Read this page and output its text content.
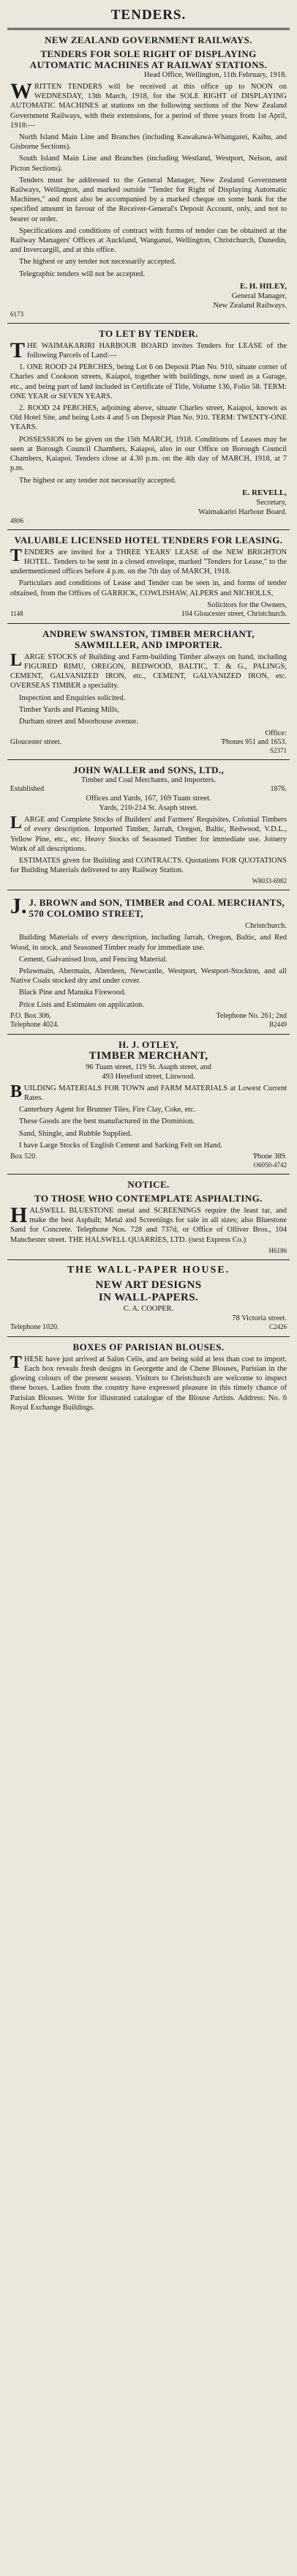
TENDERS.
NEW ZEALAND GOVERNMENT RAILWAYS.
TENDERS FOR SOLE RIGHT OF DISPLAYING AUTOMATIC MACHINES AT RAILWAY STATIONS.
Head Office, Wellington, 11th February, 1918.
WRITTEN TENDERS will be received at this office up to NOON on WEDNESDAY, 13th March, 1918, for the SOLE RIGHT of DISPLAYING AUTOMATIC MACHINES at stations on the following sections of the New Zealand Government Railways, with their extensions, for a period of three years from 1st April, 1918:—
North Island Main Line and Branches (including Kawakawa-Whangarei, Kaihu, and Gisborne Sections).
South Island Main Line and Branches (including Westland, Westport, Nelson, and Picton Sections).
Tenders must be addressed to the General Manager, New Zealand Government Railways, Wellington, and marked outside "Tender for Right of Displaying Automatic Machines," and must also be accompanied by a marked cheque on some bank for the specified amount in favour of the Receiver-General's Deposit Account, only, and not to bearer or order.
Specifications and conditions of contract with forms of tender can be obtained at the Railway Managers' Offices at Auckland, Wanganui, Wellington, Christchurch, Dunedin, and Invercargill, and at this office.
The highest or any tender not necessarily accepted.
Telegraphic tenders will not be accepted.
E. H. HILEY,
General Manager,
New Zealand Railways.
6173
TO LET BY TENDER.
THE WAIMAKARIRI HARBOUR BOARD invites Tenders for LEASE of the following Parcels of Land:—
1. ONE ROOD 24 PERCHES, being Lot 6 on Deposit Plan No. 910, situate corner of Charles and Cookson streets, Kaiapoi, together with buildings, now used as a Garage, etc., and being part of land included in Certificate of Title, Volume 136, Folio 58. TERM: ONE YEAR or SEVEN YEARS.
2. ROOD 24 PERCHES, adjoining above, situate Charles street, Kaiapoi, known as Old Hotel Site, and being Lots 4 and 5 on Deposit Plan No. 910. TERM: TWENTY-ONE YEARS.
POSSESSION to be given on the 15th MARCH, 1918. Conditions of Leases may be seen at Borough Council Chambers, Kaiapoi, also in our Office on Borough Council Chambers, Kaiapoi. Tenders close at 4.30 p.m. on the 4th day of MARCH, 1918, at 7 p.m.
The highest or any tender not necessarily accepted.
E. REVELL,
Secretary,
Waimakariri Harbour Board.
4806
VALUABLE LICENSED HOTEL TENDERS FOR LEASING.
TENDERS are invited for a THREE YEARS' LEASE of the NEW BRIGHTON HOTEL. Tenders to be sent in a closed envelope, marked "Tenders for Lease," to the undermentioned offices before 4 p.m. on the 7th day of MARCH, 1918.
Particulars and conditions of Lease and Tender can be seen in, and forms of tender obtained, from the Offices of GARRICK, COWLISHAW, ALPERS and NICHOLLS,
Solicitors for the Owners,
1148	104 Gloucester street, Christchurch.
ANDREW SWANSTON, TIMBER MERCHANT, SAWMILLER, AND IMPORTER.
LARGE STOCKS of Building and Farm-building Timber always on hand, including FIGURED RIMU, OREGON, REDWOOD, BALTIC, T. & G., PALINGS, CEMENT, GALVANIZED IRON, etc., CEMENT, GALVANIZED IRON, etc. OVERSEAS TIMBER a speciality.
Inspection and Enquiries solicited.
Timber Yards and Planing Mills,
Durham street and Moorhouse avenue.
Office:
Gloucester street.	'Phones 951 and 1653.
S2371
JOHN WALLER and SONS, LTD.,
Timber and Coal Merchants, and Importers.
Established	1876.
Offices and Yards, 167, 169 Tuam street.
Yards, 210-214 St. Asaph street.
LARGE and Complete Stocks of Builders' and Farmers' Requisites. Colonial Timbers of every description. Imported Timber, Jarrah, Oregon, Baltic, Redwood, V.D.L., Yellow Pine, etc., etc. Heavy Stocks of Seasoned Timber for immediate use. Joinery Work of all descriptions.
ESTIMATES given for Building and CONTRACTS. Quotations FOR QUOTATIONS for Building Materials delivered to any Railway Station.
W8033-6982
J. J. BROWN and SON, TIMBER and COAL MERCHANTS, 570 COLOMBO STREET,
Christchurch.
Building Materials of every description, including Jarrah, Oregon, Baltic, and Red Wood, in stock, and Seasoned Timber ready for immediate use.
Cement, Galvanised Iron, and Fencing Material.
Pelawmain, Abermain, Aberdeen, Newcastle, Westport, Westport-Stockton, and all Native Coals stocked dry and under cover.
Black Pine and Manuka Firewood.
Price Lists and Estimates on application.
P.O. Box 306.	Telephone No. 261; 2nd
Telephone 4024.	B2449
H. J. OTLEY,
TIMBER MERCHANT,
96 Tuam street, 119 St. Asaph street, and
493 Hereford street, Linwood.
BUILDING MATERIALS FOR TOWN and FARM MATERIALS at Lowest Current Rates.
Canterbury Agent for Brunner Tiles, Fire Clay, Coke, etc.
These Goods are the best manufactured in the Dominion.
Sand, Shingle, and Rubble Supplied.
I have Large Stocks of English Cement and Sarking Felt on Hand.
Box 520.	'Phone 389.
O6050-4742
NOTICE.
TO THOSE WHO CONTEMPLATE ASPHALTING.
HALSWELL BLUESTONE metal and SCREENINGS require the least tar, and make the best Asphalt; Metal and Screenings for sale in all sizes; also Bluestone Sand for Concrete. Telephone Nos. 728 and 737d, or Office of Olliver Bros., 104 Manchester street. THE HALSWELL QUARRIES, LTD. (next Express Co.)
H6186
THE WALL-PAPER HOUSE.
NEW ART DESIGNS
IN WALL-PAPERS.
C. A. COOPER.
78 Victoria street.
Telephone 1020.	C2426
BOXES OF PARISIAN BLOUSES.
THESE have just arrived at Salon Celis, and are being sold at less than cost to import. Each box reveals fresh designs in Georgette and de Chene Blouses, Parisian in the glowing colours of the present season. Visitors to Christchurch are welcome to inspect these boxes. Ladies from the country have expressed pleasure in this timely chance of Parisian Blouses. Write for illustrated catalogue of the Blouse Artists. Address: No. 6 Royal Exchange Buildings.
